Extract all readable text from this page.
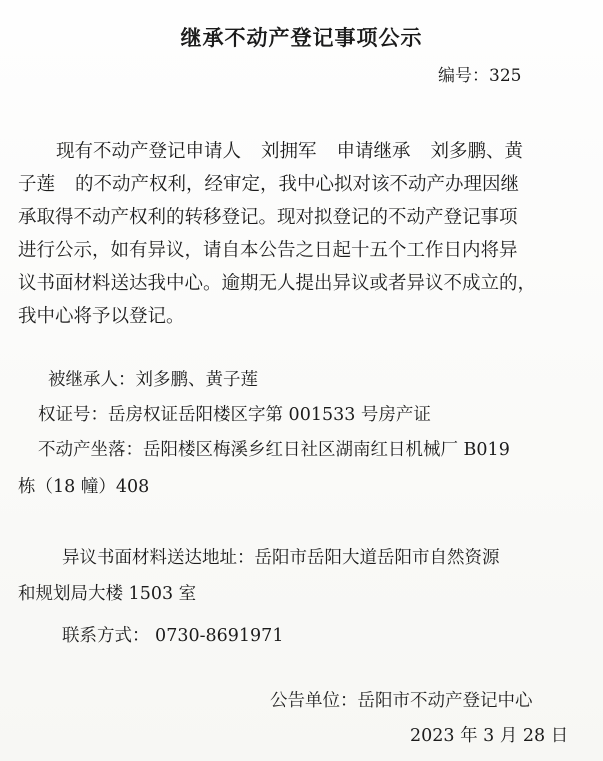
继承不动产登记事项公示
编号：325
现有不动产登记申请人 刘拥军 申请继承 刘多鹏、黄
子莲 的不动产权利，经审定，我中心拟对该不动产办理因继
承取得不动产权利的转移登记。现对拟登记的不动产登记事项
进行公示，如有异议，请自本公告之日起十五个工作日内将异
议书面材料送达我中心。逾期无人提出异议或者异议不成立的，
我中心将予以登记。
被继承人：刘多鹏、黄子莲
权证号：岳房权证岳阳楼区字第 001533 号房产证
不动产坐落：岳阳楼区梅溪乡红日社区湖南红日机械厂 B019
栋（18 幢）408
异议书面材料送达地址：岳阳市岳阳大道岳阳市自然资源
和规划局大楼 1503 室
联系方式： 0730-8691971
公告单位：岳阳市不动产登记中心
2023 年 3 月 28 日
